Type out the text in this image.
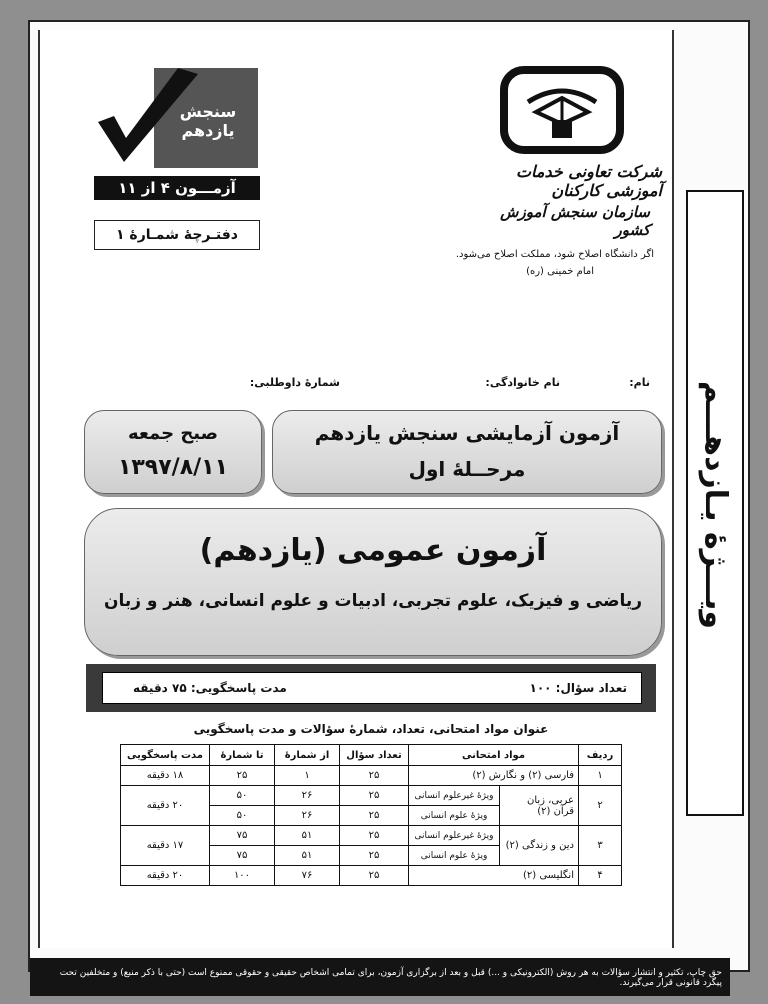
شرکت تعاونی خدمات آموزشی کارکنان
سازمان سنجش آموزش کشور
اگر دانشگاه اصلاح شود، مملکت اصلاح می‌شود.
امام خمینی (ره)
سنجش یازدهم
آزمـــون ۴ از ۱۱
دفتـرچهٔ شمـارهٔ ۱
نام:
نام خانوادگی:
شمارهٔ داوطلبی:
آزمون آزمایشی سنجش یازدهم
مرحــلهٔ اول
صبح جمعه
۱۳۹۷/۸/۱۱
آزمون عمومی (یازدهم)
ریاضی و فیزیک، علوم تجربی، ادبیات و علوم انسانی، هنر و زبان
تعداد سؤال: ۱۰۰
مدت پاسخگویی: ۷۵ دقیقه
عنوان مواد امتحانی، تعداد، شمارهٔ سؤالات و مدت پاسخگویی
ردیف	مواد امتحانی		تعداد سؤال	از شمارهٔ	تا شمارهٔ	مدت پاسخگویی
۱	فارسی (۲) و نگارش (۲)		۲۵	۱	۲۵	۱۸ دقیقه
۲	عربی، زبان قرآن (۲)	ویژهٔ غیرعلوم انسانی	۲۵	۲۶	۵۰	۲۰ دقیقه
		ویژهٔ علوم انسانی	۲۵	۲۶	۵۰	
۳	دین و زندگی (۲)	ویژهٔ غیرعلوم انسانی	۲۵	۵۱	۷۵	۱۷ دقیقه
		ویژهٔ علوم انسانی	۲۵	۵۱	۷۵	
۴	انگلیسی (۲)		۲۵	۷۶	۱۰۰	۲۰ دقیقه
ویـــژهٔ یـازدهـــم
حق چاپ، تکثیر و انتشار سؤالات به هر روش (الکترونیکی و ...) قبل و بعد از برگزاری آزمون، برای تمامی اشخاص حقیقی و حقوقی ممنوع است (حتی با ذکر منبع) و متخلفین تحت پیگرد قانونی قرار می‌گیرند.
